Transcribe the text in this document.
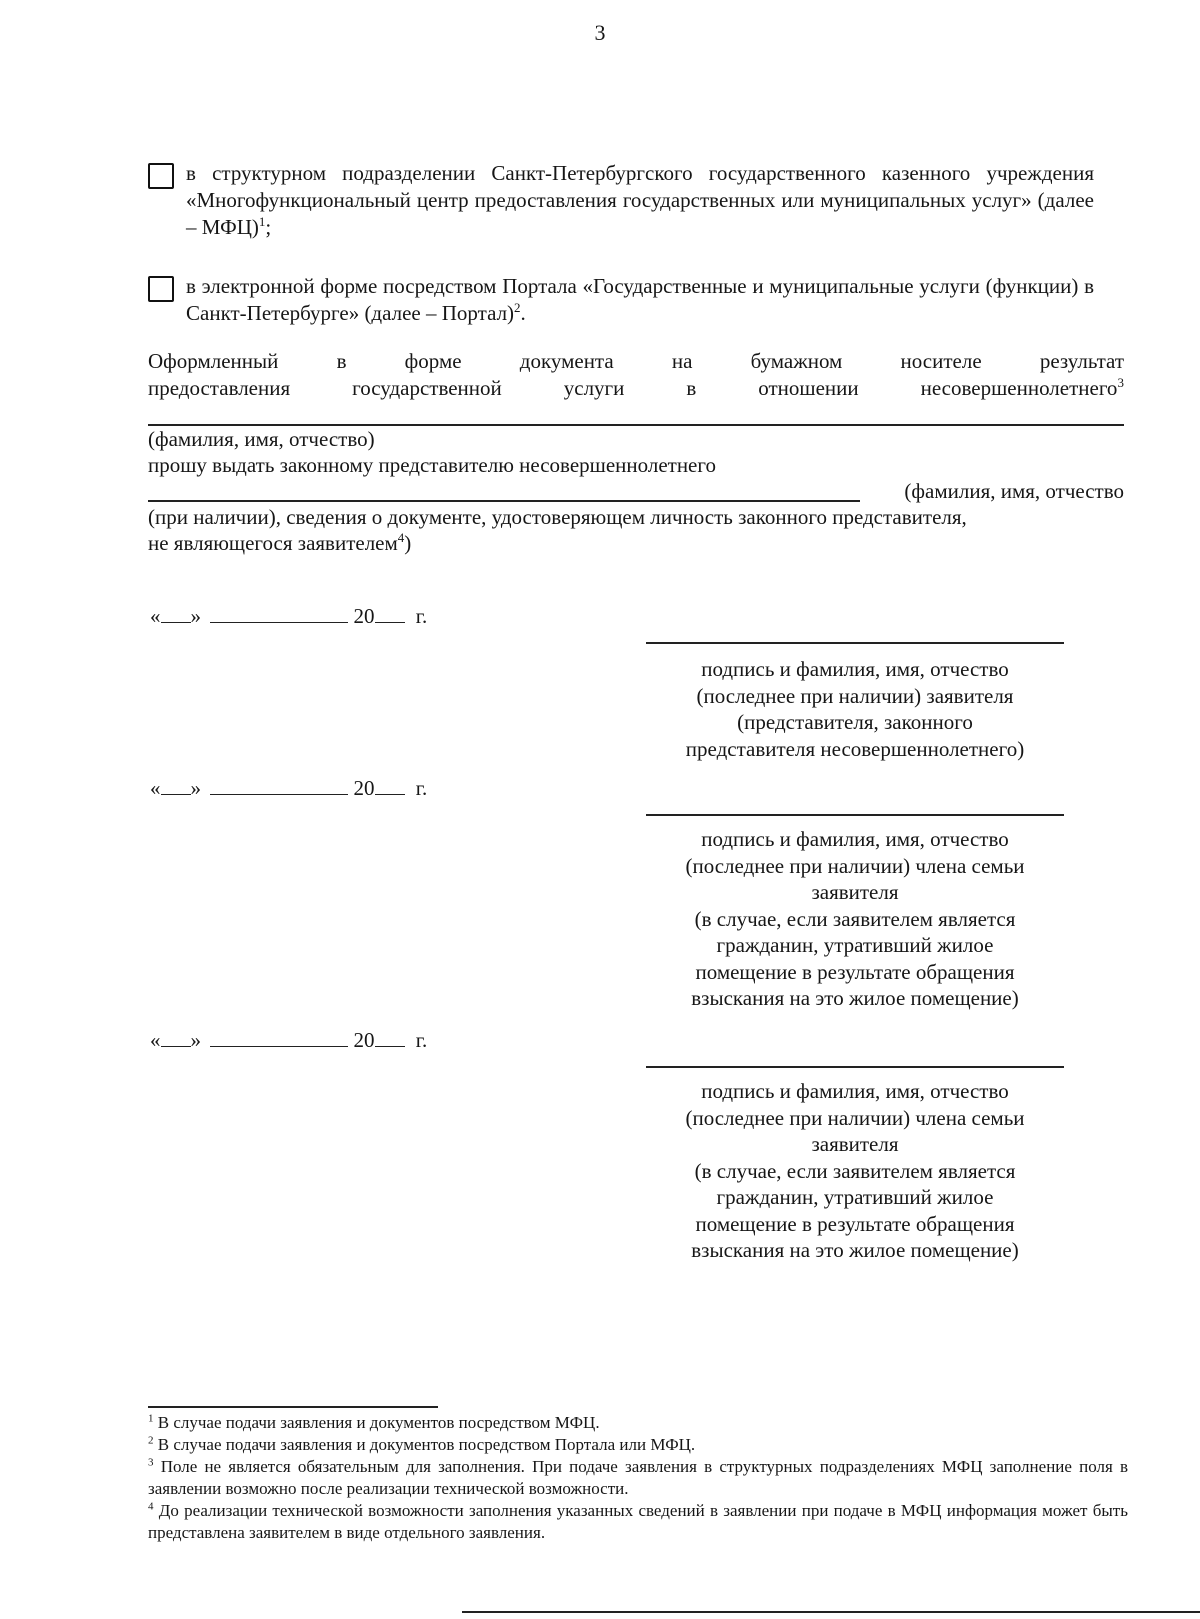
3
в структурном подразделении Санкт-Петербургского государственного казенного учреждения «Многофункциональный центр предоставления государственных или муниципальных услуг» (далее – МФЦ)$^1$;
в электронной форме посредством Портала «Государственные и муниципальные услуги (функции) в Санкт-Петербурге» (далее – Портал)$^2$.
Оформленный	в	форме	документа	на	бумажном	носителе	результат
предоставления	государственной	услуги	в	отношении	несовершеннолетнего$^3$
(фамилия, имя, отчество)
прошу выдать законному представителю несовершеннолетнего
(фамилия, имя, отчество
(при наличии), сведения о документе, удостоверяющем личность законного представителя,
не являющегося заявителем$^4$)
« »	20 г.
подпись и фамилия, имя, отчество
(последнее при наличии) заявителя
(представителя, законного
представителя несовершеннолетнего)
« »	20 г.
подпись и фамилия, имя, отчество
(последнее при наличии) члена семьи
заявителя
(в случае, если заявителем является
гражданин, утративший жилое
помещение в результате обращения
взыскания на это жилое помещение)
« »	20 г.
подпись и фамилия, имя, отчество
(последнее при наличии) члена семьи
заявителя
(в случае, если заявителем является
гражданин, утративший жилое
помещение в результате обращения
взыскания на это жилое помещение)
$^1$ В случае подачи заявления и документов посредством МФЦ.
$^2$ В случае подачи заявления и документов посредством Портала или МФЦ.
$^3$ Поле не является обязательным для заполнения. При подаче заявления в структурных подразделениях МФЦ заполнение поля в заявлении возможно после реализации технической возможности.
$^4$ До реализации технической возможности заполнения указанных сведений в заявлении при подаче в МФЦ информация может быть представлена заявителем в виде отдельного заявления.
